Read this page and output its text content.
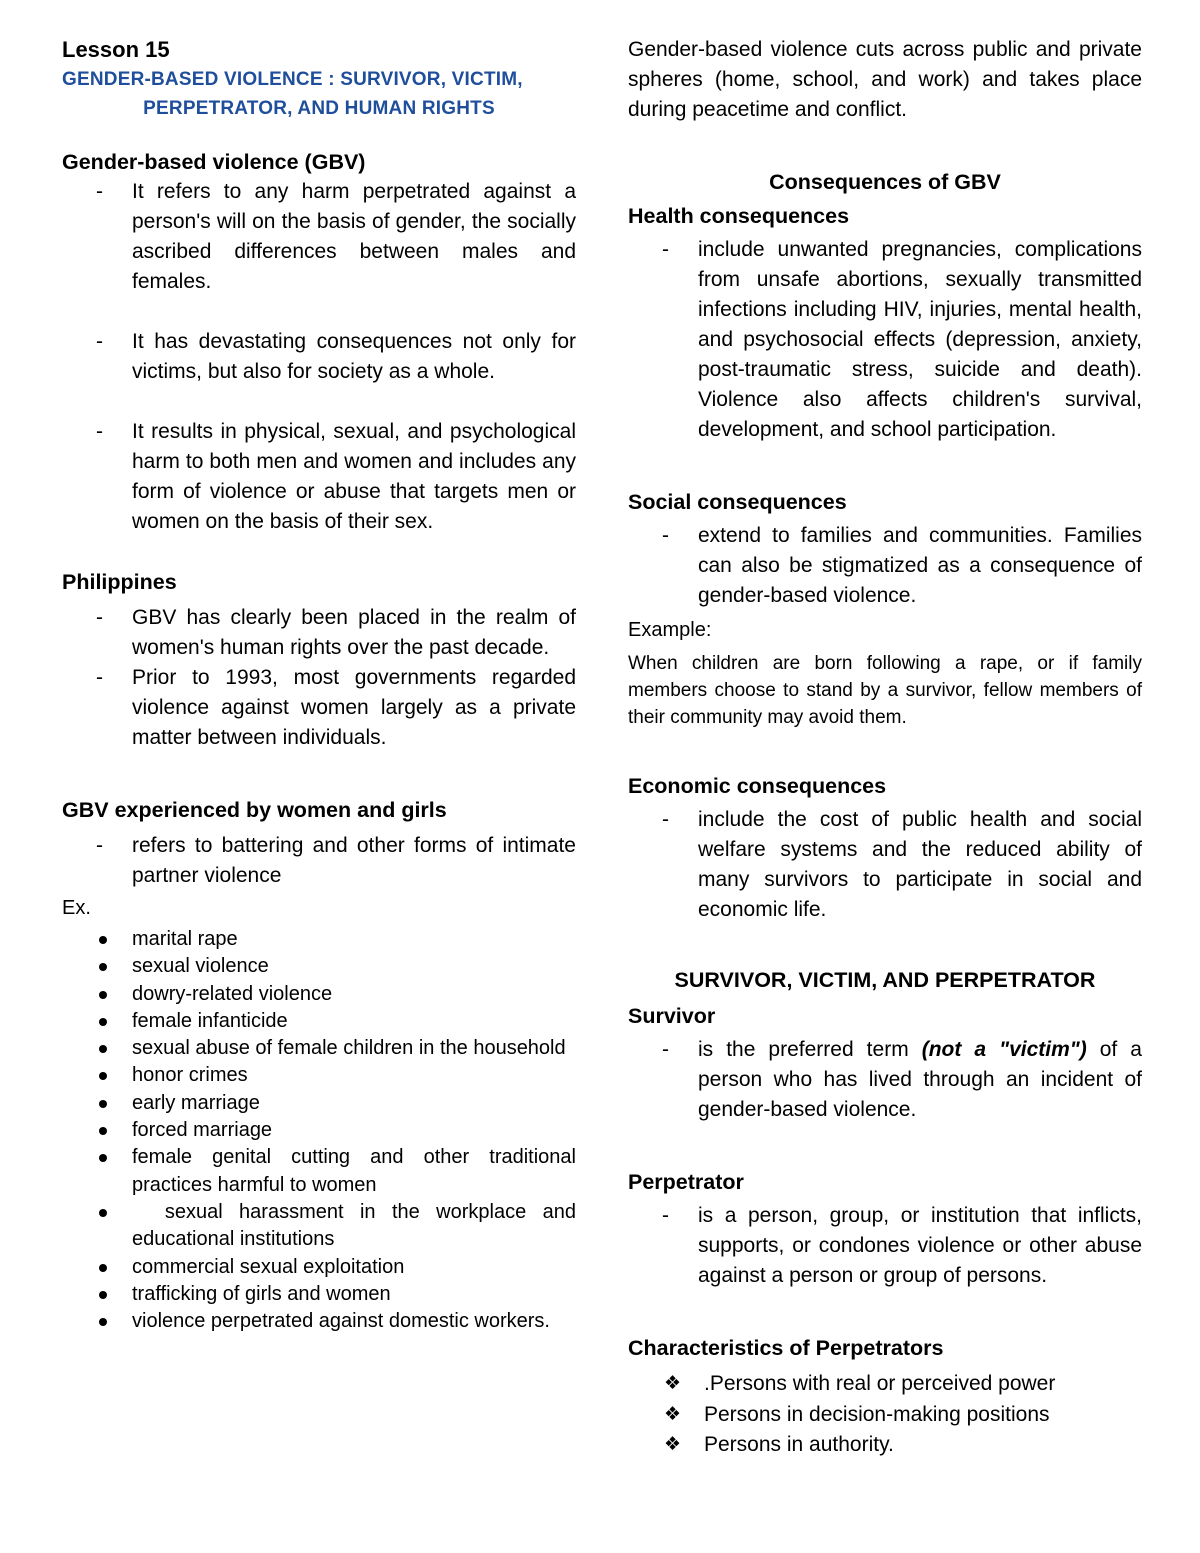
Lesson 15
GENDER-BASED VIOLENCE : SURVIVOR, VICTIM,
PERPETRATOR, AND HUMAN RIGHTS
Gender-based violence (GBV)
- It refers to any harm perpetrated against a person's will on the basis of gender, the socially ascribed differences between males and females.
- It has devastating consequences not only for victims, but also for society as a whole.
- It results in physical, sexual, and psychological harm to both men and women and includes any form of violence or abuse that targets men or women on the basis of their sex.
Philippines
- GBV has clearly been placed in the realm of women's human rights over the past decade.
- Prior to 1993, most governments regarded violence against women largely as a private matter between individuals.
GBV experienced by women and girls
- refers to battering and other forms of intimate partner violence
Ex.
marital rape
sexual violence
dowry-related violence
female infanticide
sexual abuse of female children in the household
honor crimes
early marriage
forced marriage
female genital cutting and other traditional practices harmful to women
sexual harassment in the workplace and educational institutions
commercial sexual exploitation
trafficking of girls and women
violence perpetrated against domestic workers.
Gender-based violence cuts across public and private spheres (home, school, and work) and takes place during peacetime and conflict.
Consequences of GBV
Health consequences
- include unwanted pregnancies, complications from unsafe abortions, sexually transmitted infections including HIV, injuries, mental health, and psychosocial effects (depression, anxiety, post-traumatic stress, suicide and death). Violence also affects children's survival, development, and school participation.
Social consequences
- extend to families and communities. Families can also be stigmatized as a consequence of gender-based violence.
Example:
When children are born following a rape, or if family members choose to stand by a survivor, fellow members of their community may avoid them.
Economic consequences
- include the cost of public health and social welfare systems and the reduced ability of many survivors to participate in social and economic life.
SURVIVOR, VICTIM, AND PERPETRATOR
Survivor
- is the preferred term (not a "victim") of a person who has lived through an incident of gender-based violence.
Perpetrator
- is a person, group, or institution that inflicts, supports, or condones violence or other abuse against a person or group of persons.
Characteristics of Perpetrators
❖ .Persons with real or perceived power
❖ Persons in decision-making positions
❖ Persons in authority.
